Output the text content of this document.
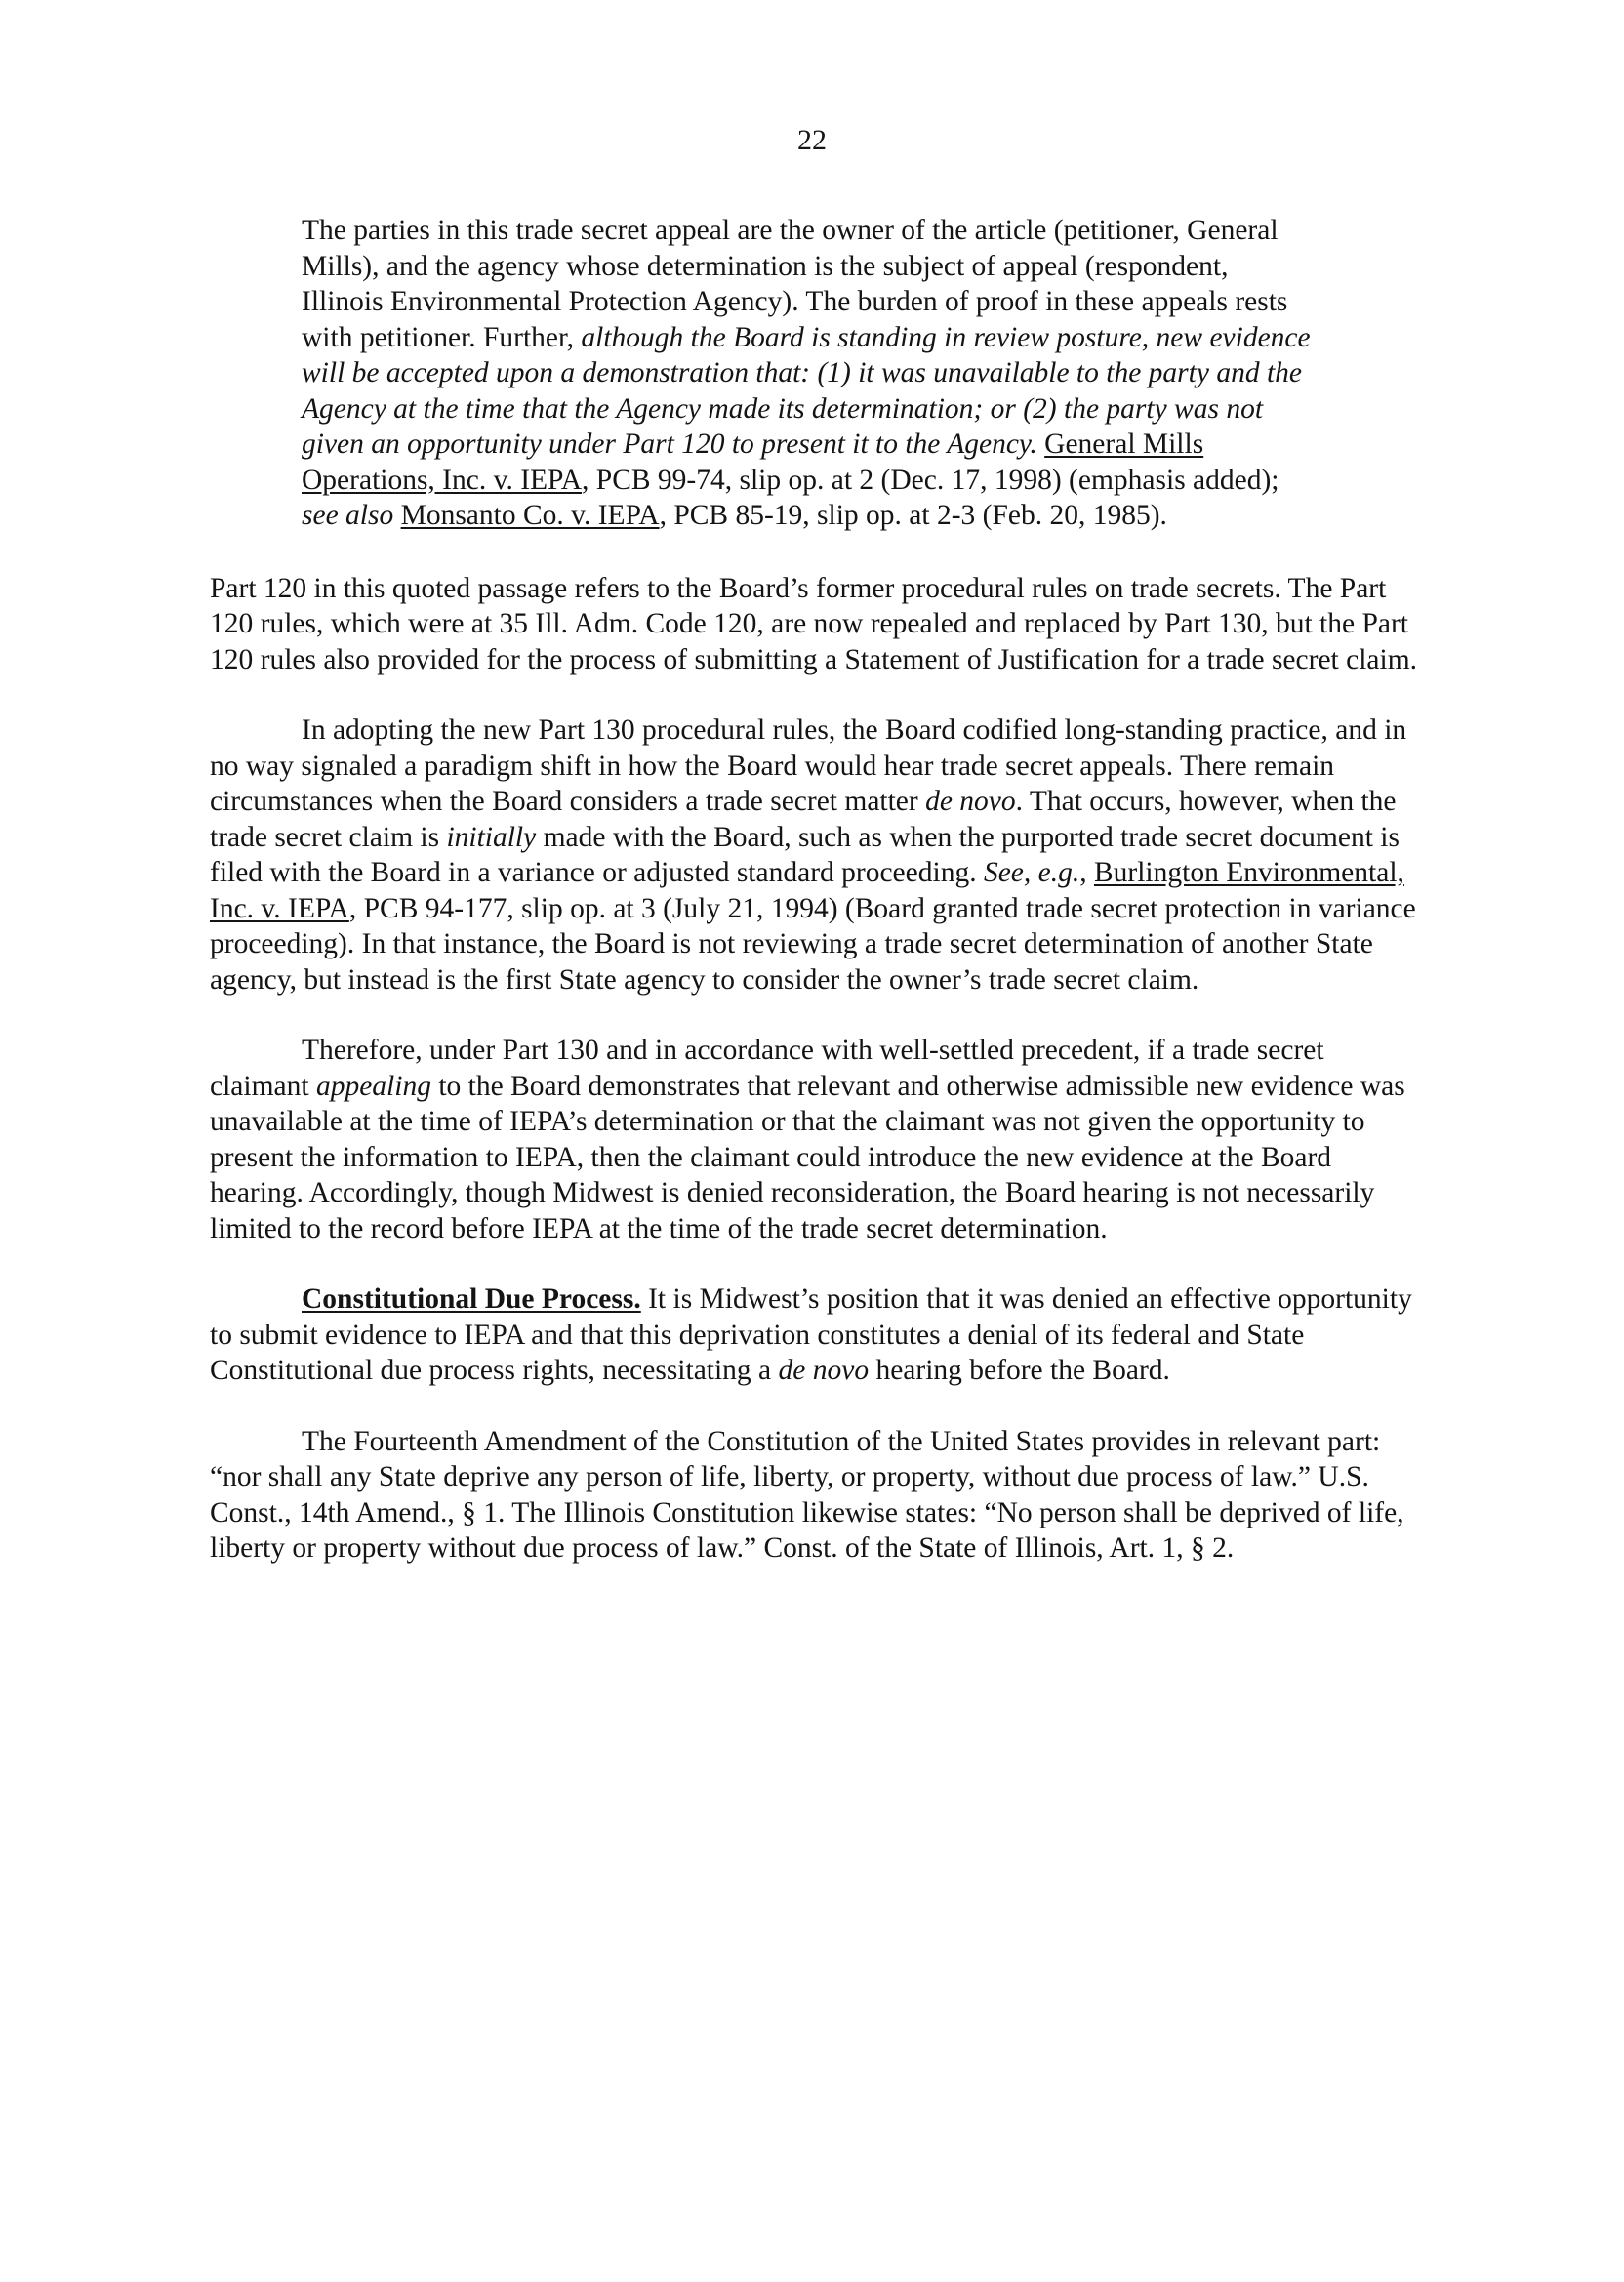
22

The parties in this trade secret appeal are the owner of the article (petitioner, General Mills), and the agency whose determination is the subject of appeal (respondent, Illinois Environmental Protection Agency). The burden of proof in these appeals rests with petitioner. Further, although the Board is standing in review posture, new evidence will be accepted upon a demonstration that: (1) it was unavailable to the party and the Agency at the time that the Agency made its determination; or (2) the party was not given an opportunity under Part 120 to present it to the Agency. General Mills Operations, Inc. v. IEPA, PCB 99-74, slip op. at 2 (Dec. 17, 1998) (emphasis added); see also Monsanto Co. v. IEPA, PCB 85-19, slip op. at 2-3 (Feb. 20, 1985).

Part 120 in this quoted passage refers to the Board’s former procedural rules on trade secrets. The Part 120 rules, which were at 35 Ill. Adm. Code 120, are now repealed and replaced by Part 130, but the Part 120 rules also provided for the process of submitting a Statement of Justification for a trade secret claim.

In adopting the new Part 130 procedural rules, the Board codified long-standing practice, and in no way signaled a paradigm shift in how the Board would hear trade secret appeals. There remain circumstances when the Board considers a trade secret matter de novo. That occurs, however, when the trade secret claim is initially made with the Board, such as when the purported trade secret document is filed with the Board in a variance or adjusted standard proceeding. See, e.g., Burlington Environmental, Inc. v. IEPA, PCB 94-177, slip op. at 3 (July 21, 1994) (Board granted trade secret protection in variance proceeding). In that instance, the Board is not reviewing a trade secret determination of another State agency, but instead is the first State agency to consider the owner’s trade secret claim.

Therefore, under Part 130 and in accordance with well-settled precedent, if a trade secret claimant appealing to the Board demonstrates that relevant and otherwise admissible new evidence was unavailable at the time of IEPA’s determination or that the claimant was not given the opportunity to present the information to IEPA, then the claimant could introduce the new evidence at the Board hearing. Accordingly, though Midwest is denied reconsideration, the Board hearing is not necessarily limited to the record before IEPA at the time of the trade secret determination.

Constitutional Due Process. It is Midwest’s position that it was denied an effective opportunity to submit evidence to IEPA and that this deprivation constitutes a denial of its federal and State Constitutional due process rights, necessitating a de novo hearing before the Board.

The Fourteenth Amendment of the Constitution of the United States provides in relevant part: “nor shall any State deprive any person of life, liberty, or property, without due process of law.” U.S. Const., 14th Amend., § 1. The Illinois Constitution likewise states: “No person shall be deprived of life, liberty or property without due process of law.” Const. of the State of Illinois, Art. 1, § 2.
